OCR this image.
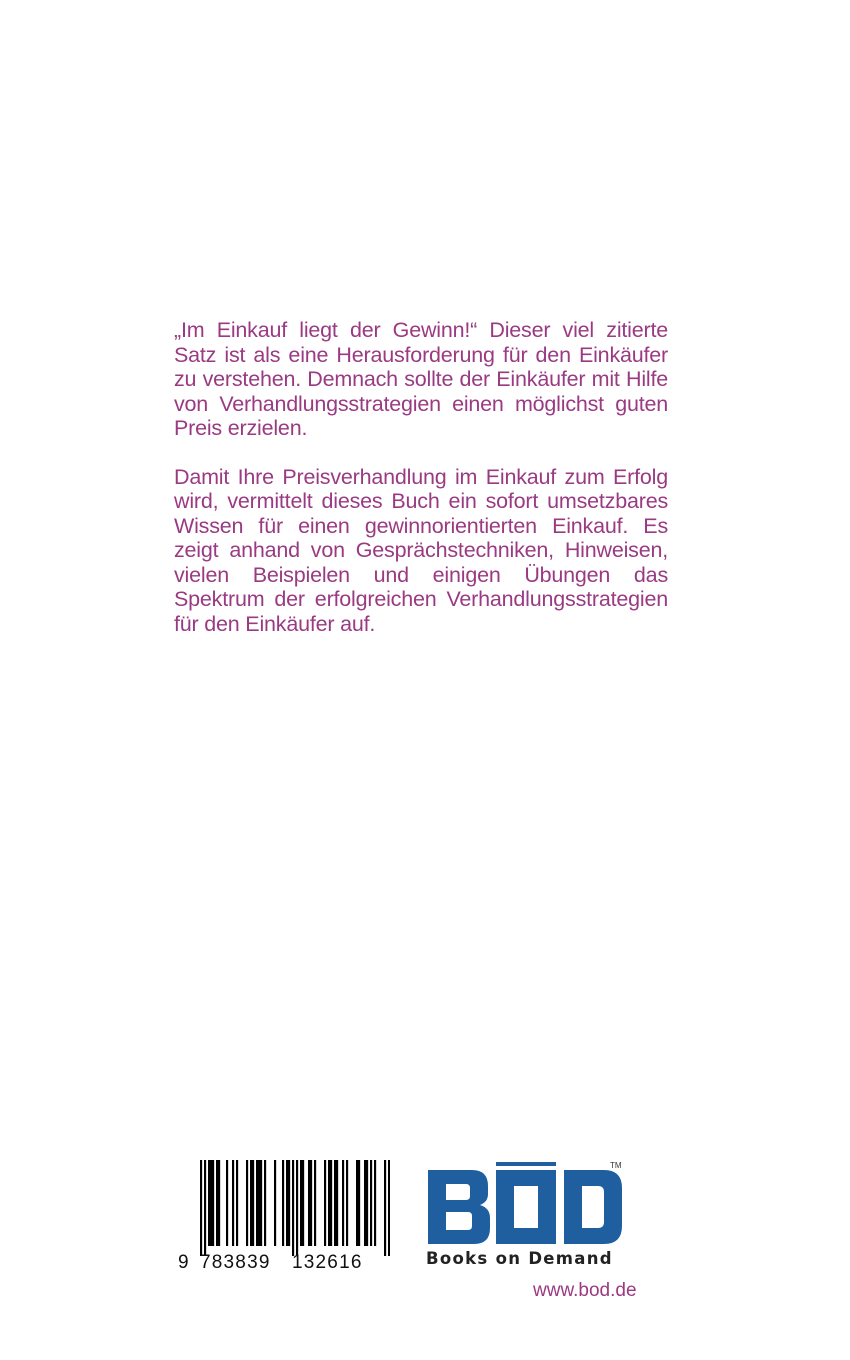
„Im Einkauf liegt der Gewinn!“ Dieser viel zitierte Satz ist als eine Herausforderung für den Einkäufer zu verstehen. Demnach sollte der Einkäufer mit Hilfe von Verhandlungsstrategien einen möglichst guten Preis erzielen.

Damit Ihre Preisverhandlung im Einkauf zum Erfolg wird, vermittelt dieses Buch ein sofort umsetzbares Wissen für einen gewinnorientierten Einkauf. Es zeigt anhand von Gesprächstechniken, Hinweisen, vielen Beispielen und einigen Übungen das Spektrum der erfolgreichen Verhandlungsstrategien für den Einkäufer auf.

9 783839 132616
TM
Books on Demand
www.bod.de
